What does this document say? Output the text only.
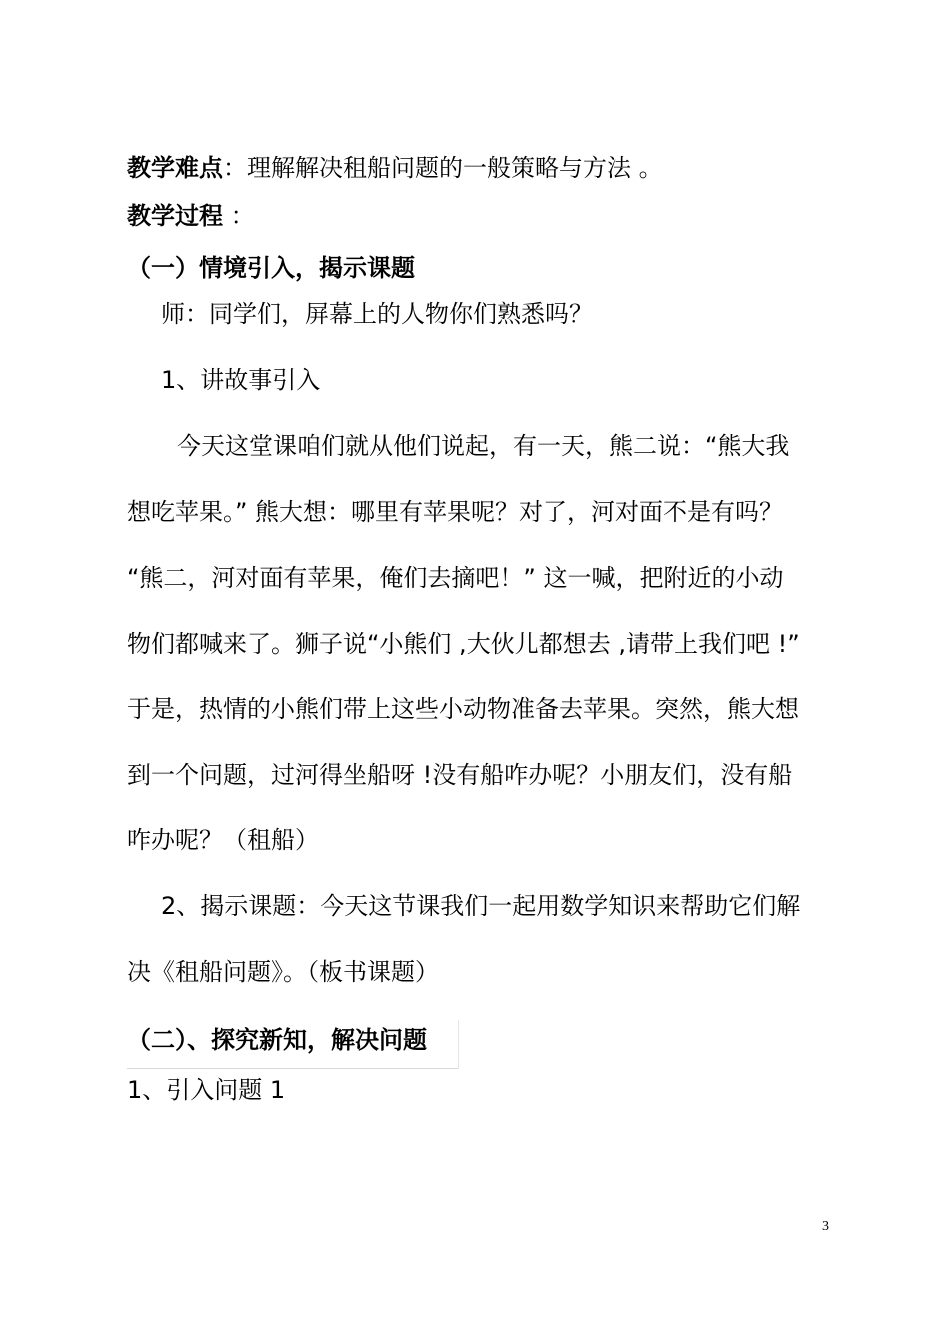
教学难点：理解解决租船问题的一般策略与方法 。
教学过程 ：
（一）情境引入，揭示课题
师：同学们，屏幕上的人物你们熟悉吗？
1、讲故事引入
今天这堂课咱们就从他们说起，有一天，熊二说：“熊大我
想吃苹果。” 熊大想：哪里有苹果呢？对了，河对面不是有吗？
“熊二，河对面有苹果，俺们去摘吧！” 这一喊，把附近的小动
物们都喊来了。狮子说“小熊们 ,大伙儿都想去 ,请带上我们吧 !”
于是，热情的小熊们带上这些小动物准备去苹果。突然，熊大想
到一个问题，过河得坐船呀 !没有船咋办呢？小朋友们，没有船
咋办呢？（租船）
2、揭示课题：今天这节课我们一起用数学知识来帮助它们解
决《租船问题》。（板书课题）
（二）、探究新知，解决问题
1、引入问题 1
3
